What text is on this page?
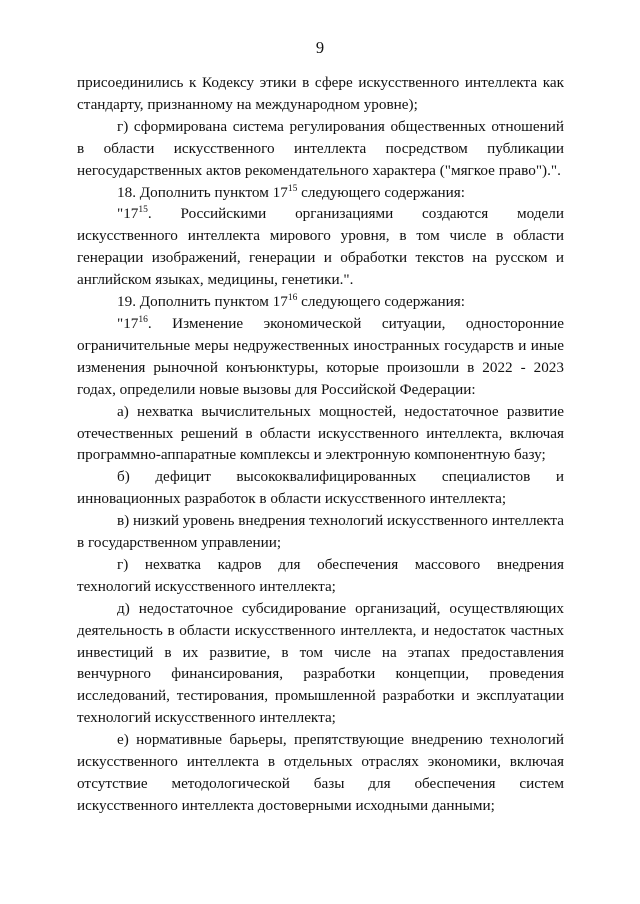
9

присоединились к Кодексу этики в сфере искусственного интеллекта как стандарту, признанному на международном уровне);

г) сформирована система регулирования общественных отношений в области искусственного интеллекта посредством публикации негосударственных актов рекомендательного характера ("мягкое право").".

18. Дополнить пунктом $17^{15}$ следующего содержания:

"$17^{15}$. Российскими организациями создаются модели искусственного интеллекта мирового уровня, в том числе в области генерации изображений, генерации и обработки текстов на русском и английском языках, медицины, генетики.".

19. Дополнить пунктом $17^{16}$ следующего содержания:

"$17^{16}$. Изменение экономической ситуации, односторонние ограничительные меры недружественных иностранных государств и иные изменения рыночной конъюнктуры, которые произошли в 2022 - 2023 годах, определили новые вызовы для Российской Федерации:

а) нехватка вычислительных мощностей, недостаточное развитие отечественных решений в области искусственного интеллекта, включая программно-аппаратные комплексы и электронную компонентную базу;

б) дефицит высококвалифицированных специалистов и инновационных разработок в области искусственного интеллекта;

в) низкий уровень внедрения технологий искусственного интеллекта в государственном управлении;

г) нехватка кадров для обеспечения массового внедрения технологий искусственного интеллекта;

д) недостаточное субсидирование организаций, осуществляющих деятельность в области искусственного интеллекта, и недостаток частных инвестиций в их развитие, в том числе на этапах предоставления венчурного финансирования, разработки концепции, проведения исследований, тестирования, промышленной разработки и эксплуатации технологий искусственного интеллекта;

е) нормативные барьеры, препятствующие внедрению технологий искусственного интеллекта в отдельных отраслях экономики, включая отсутствие методологической базы для обеспечения систем искусственного интеллекта достоверными исходными данными;
